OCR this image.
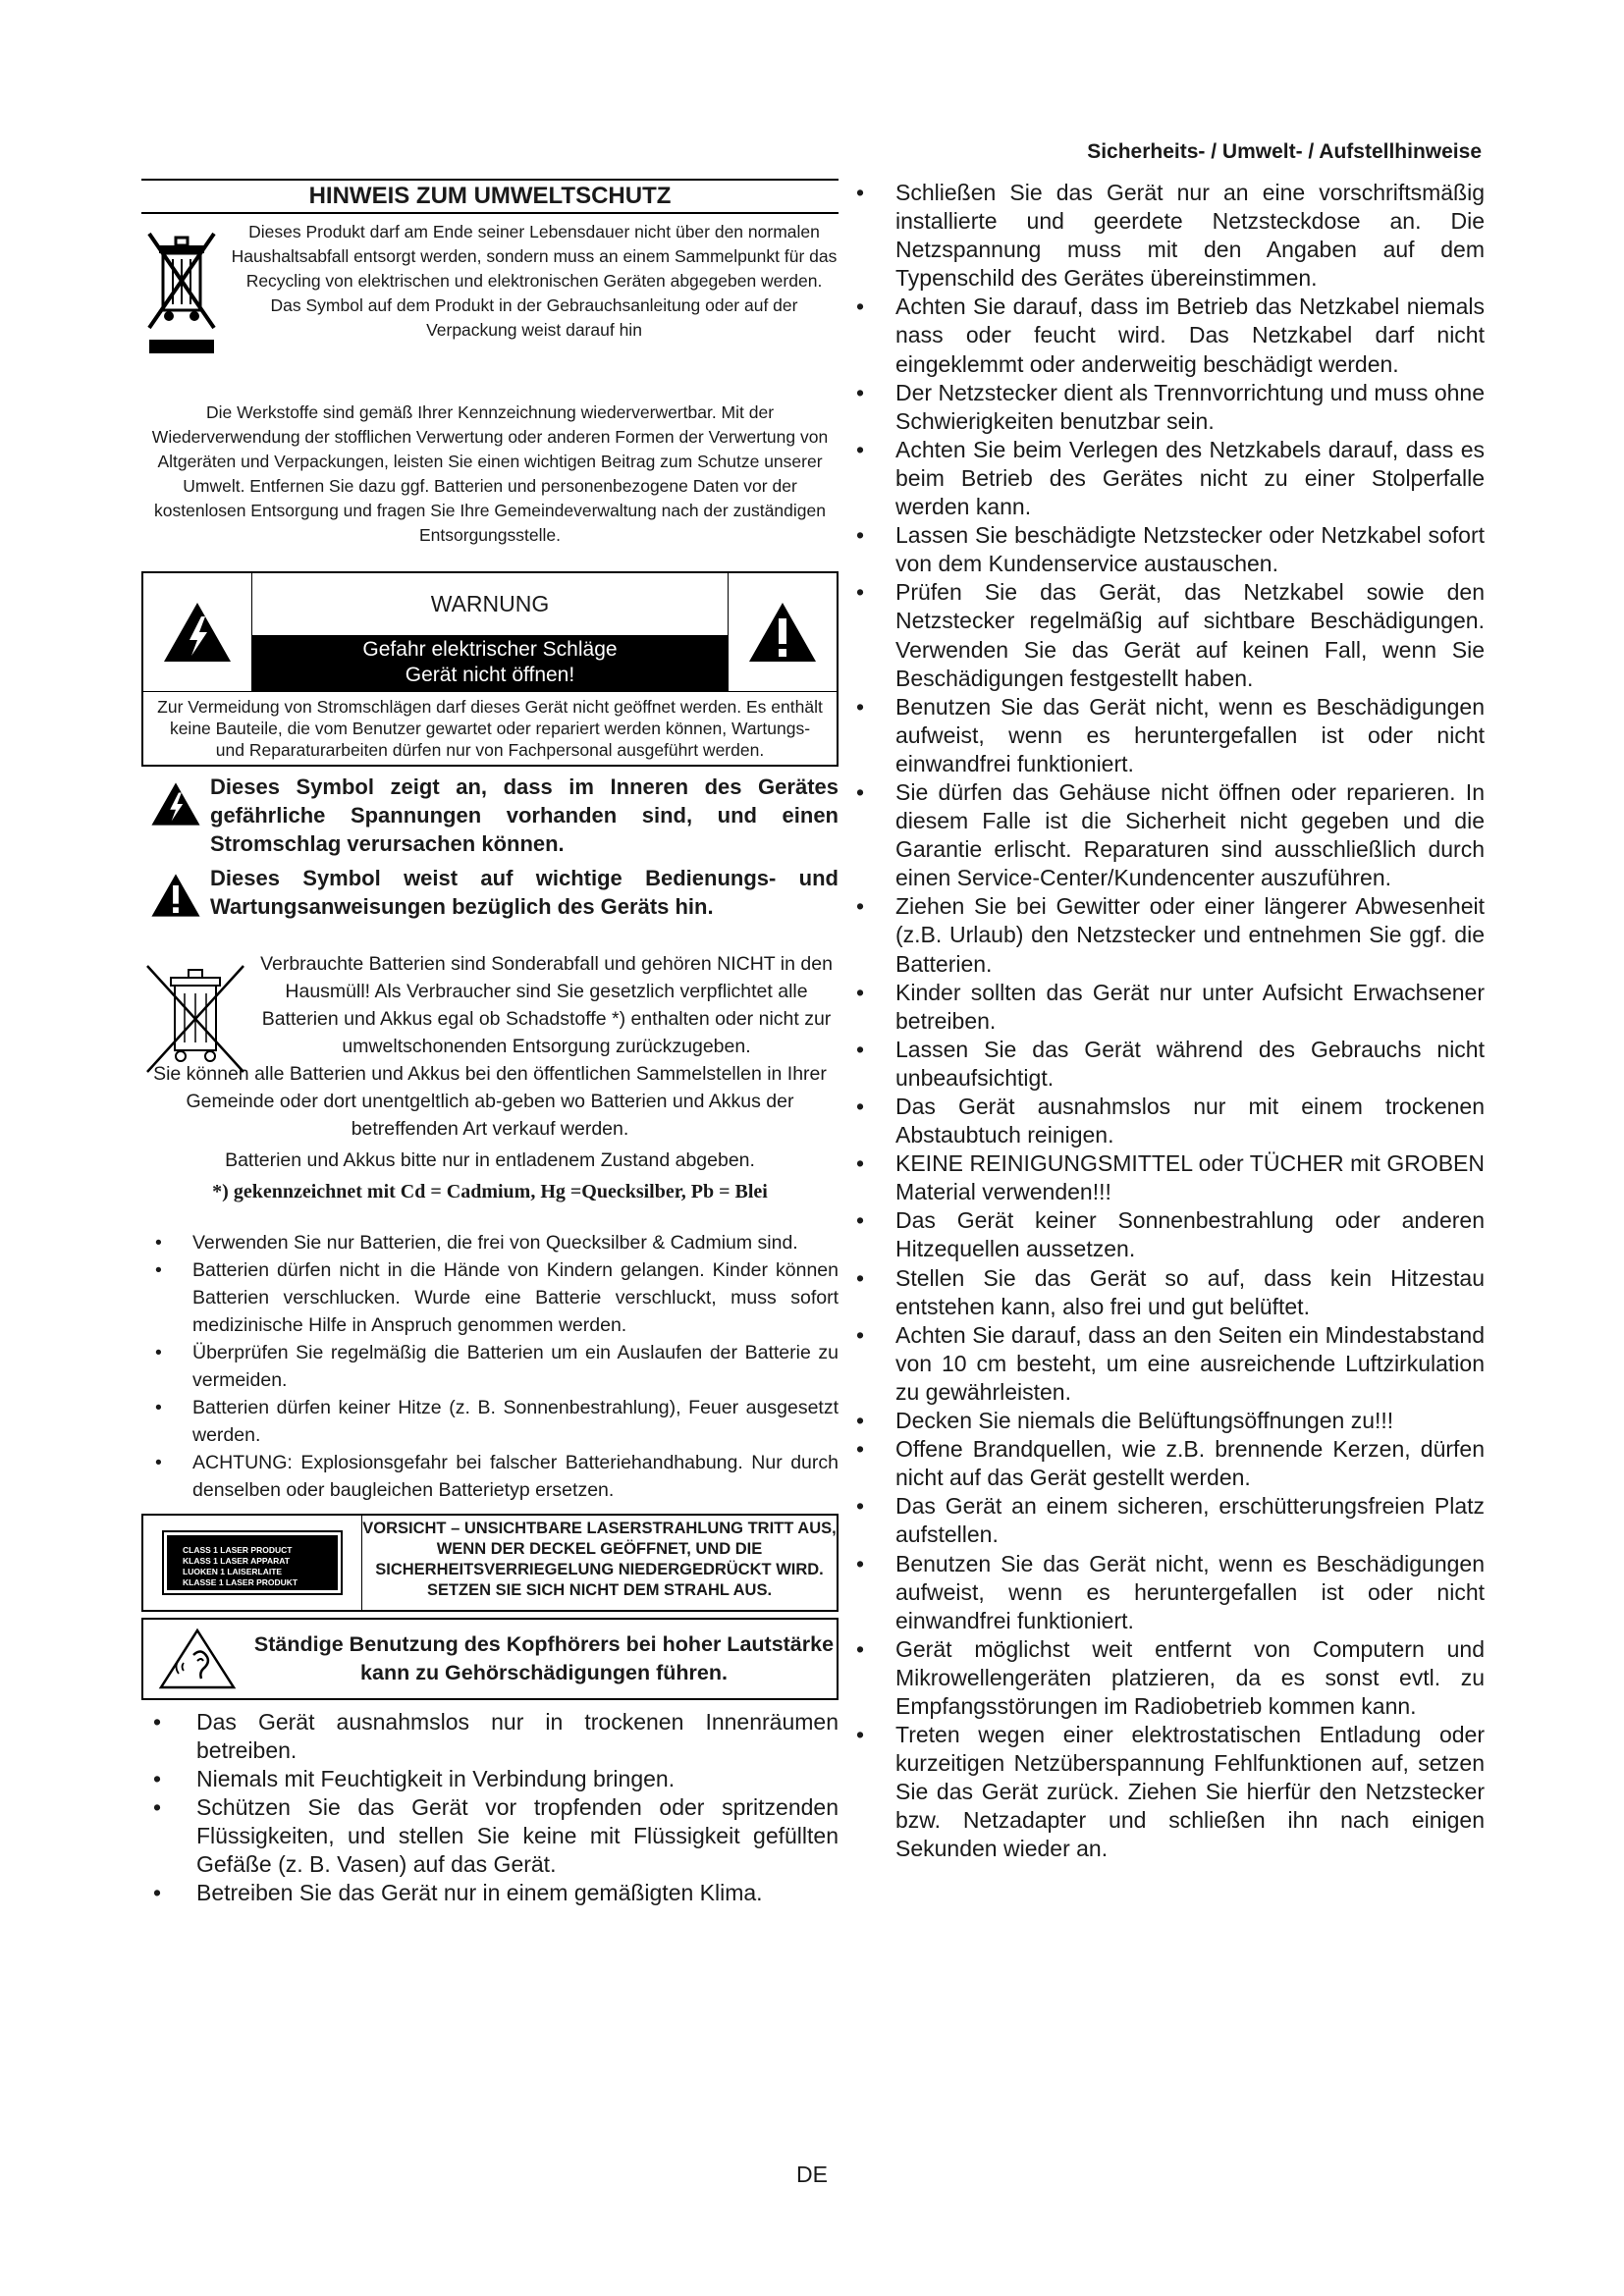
Sicherheits- / Umwelt- / Aufstellhinweise
HINWEIS ZUM UMWELTSCHUTZ
Dieses Produkt darf am Ende seiner Lebensdauer nicht über den normalen Haushaltsabfall entsorgt werden, sondern muss an einem Sammelpunkt für das Recycling von elektrischen und elektronischen Geräten abgegeben werden. Das Symbol auf dem Produkt in der Gebrauchsanleitung oder auf der Verpackung weist darauf hin

Die Werkstoffe sind gemäß Ihrer Kennzeichnung wiederverwertbar. Mit der Wiederverwendung der stofflichen Verwertung oder anderen Formen der Verwertung von Altgeräten und Verpackungen, leisten Sie einen wichtigen Beitrag zum Schutze unserer Umwelt. Entfernen Sie dazu ggf. Batterien und personenbezogene Daten vor der kostenlosen Entsorgung und fragen Sie Ihre Gemeindeverwaltung nach der zuständigen Entsorgungsstelle.

WARNUNG
Gefahr elektrischer Schläge
Gerät nicht öffnen!
Zur Vermeidung von Stromschlägen darf dieses Gerät nicht geöffnet werden. Es enthält keine Bauteile, die vom Benutzer gewartet oder repariert werden können, Wartungs- und Reparaturarbeiten dürfen nur von Fachpersonal ausgeführt werden.
Dieses Symbol zeigt an, dass im Inneren des Gerätes gefährliche Spannungen vorhanden sind, und einen Stromschlag verursachen können.
Dieses Symbol weist auf wichtige Bedienungs- und Wartungsanweisungen bezüglich des Geräts hin.
Verbrauchte Batterien sind Sonderabfall und gehören NICHT in den Hausmüll! Als Verbraucher sind Sie gesetzlich verpflichtet alle Batterien und Akkus egal ob Schadstoffe *) enthalten oder nicht zur umweltschonenden Entsorgung zurückzugeben.

Sie können alle Batterien und Akkus bei den öffentlichen Sammelstellen in Ihrer Gemeinde oder dort unentgeltlich ab-geben wo Batterien und Akkus der betreffenden Art verkauf werden.

Batterien und Akkus bitte nur in entladenem Zustand abgeben.

*) gekennzeichnet mit Cd = Cadmium, Hg =Quecksilber, Pb = Blei

• Verwenden Sie nur Batterien, die frei von Quecksilber & Cadmium sind.
• Batterien dürfen nicht in die Hände von Kindern gelangen. Kinder können Batterien verschlucken. Wurde eine Batterie verschluckt, muss sofort medizinische Hilfe in Anspruch genommen werden.
• Überprüfen Sie regelmäßig die Batterien um ein Auslaufen der Batterie zu vermeiden.
• Batterien dürfen keiner Hitze (z. B. Sonnenbestrahlung), Feuer ausgesetzt werden.
• ACHTUNG: Explosionsgefahr bei falscher Batteriehandhabung. Nur durch denselben oder baugleichen Batterietyp ersetzen.
CLASS 1 LASER PRODUCT
KLASS 1 LASER APPARAT
LUOKEN 1 LAISERLAITE
KLASSE 1 LASER PRODUKT
VORSICHT – UNSICHTBARE LASERSTRAHLUNG TRITT AUS, WENN DER DECKEL GEÖFFNET, UND DIE SICHERHEITSVERRIEGELUNG NIEDERGEDRÜCKT WIRD. SETZEN SIE SICH NICHT DEM STRAHL AUS.
Ständige Benutzung des Kopfhörers bei hoher Lautstärke kann zu Gehörschädigungen führen.
• Das Gerät ausnahmslos nur in trockenen Innenräumen betreiben.
• Niemals mit Feuchtigkeit in Verbindung bringen.
• Schützen Sie das Gerät vor tropfenden oder spritzenden Flüssigkeiten, und stellen Sie keine mit Flüssigkeit gefüllten Gefäße (z. B. Vasen) auf das Gerät.
• Betreiben Sie das Gerät nur in einem gemäßigten Klima.
• Schließen Sie das Gerät nur an eine vorschriftsmäßig installierte und geerdete Netzsteckdose an. Die Netzspannung muss mit den Angaben auf dem Typenschild des Gerätes übereinstimmen.
• Achten Sie darauf, dass im Betrieb das Netzkabel niemals nass oder feucht wird. Das Netzkabel darf nicht eingeklemmt oder anderweitig beschädigt werden.
• Der Netzstecker dient als Trennvorrichtung und muss ohne Schwierigkeiten benutzbar sein.
• Achten Sie beim Verlegen des Netzkabels darauf, dass es beim Betrieb des Gerätes nicht zu einer Stolperfalle werden kann.
• Lassen Sie beschädigte Netzstecker oder Netzkabel sofort von dem Kundenservice austauschen.
• Prüfen Sie das Gerät, das Netzkabel sowie den Netzstecker regelmäßig auf sichtbare Beschädigungen. Verwenden Sie das Gerät auf keinen Fall, wenn Sie Beschädigungen festgestellt haben.
• Benutzen Sie das Gerät nicht, wenn es Beschädigungen aufweist, wenn es heruntergefallen ist oder nicht einwandfrei funktioniert.
• Sie dürfen das Gehäuse nicht öffnen oder reparieren. In diesem Falle ist die Sicherheit nicht gegeben und die Garantie erlischt. Reparaturen sind ausschließlich durch einen Service-Center/Kundencenter auszuführen.
• Ziehen Sie bei Gewitter oder einer längerer Abwesenheit (z.B. Urlaub) den Netzstecker und entnehmen Sie ggf. die Batterien.
• Kinder sollten das Gerät nur unter Aufsicht Erwachsener betreiben.
• Lassen Sie das Gerät während des Gebrauchs nicht unbeaufsichtigt.
• Das Gerät ausnahmslos nur mit einem trockenen Abstaubtuch reinigen.
• KEINE REINIGUNGSMITTEL oder TÜCHER mit GROBEN Material verwenden!!!
• Das Gerät keiner Sonnenbestrahlung oder anderen Hitzequellen aussetzen.
• Stellen Sie das Gerät so auf, dass kein Hitzestau entstehen kann, also frei und gut belüftet.
• Achten Sie darauf, dass an den Seiten ein Mindestabstand von 10 cm besteht, um eine ausreichende Luftzirkulation zu gewährleisten.
• Decken Sie niemals die Belüftungsöffnungen zu!!!
• Offene Brandquellen, wie z.B. brennende Kerzen, dürfen nicht auf das Gerät gestellt werden.
• Das Gerät an einem sicheren, erschütterungsfreien Platz aufstellen.
• Benutzen Sie das Gerät nicht, wenn es Beschädigungen aufweist, wenn es heruntergefallen ist oder nicht einwandfrei funktioniert.
• Gerät möglichst weit entfernt von Computern und Mikrowellengeräten platzieren, da es sonst evtl. zu Empfangsstörungen im Radiobetrieb kommen kann.
• Treten wegen einer elektrostatischen Entladung oder kurzeitigen Netzüberspannung Fehlfunktionen auf, setzen Sie das Gerät zurück. Ziehen Sie hierfür den Netzstecker bzw. Netzadapter und schließen ihn nach einigen Sekunden wieder an.
DE
